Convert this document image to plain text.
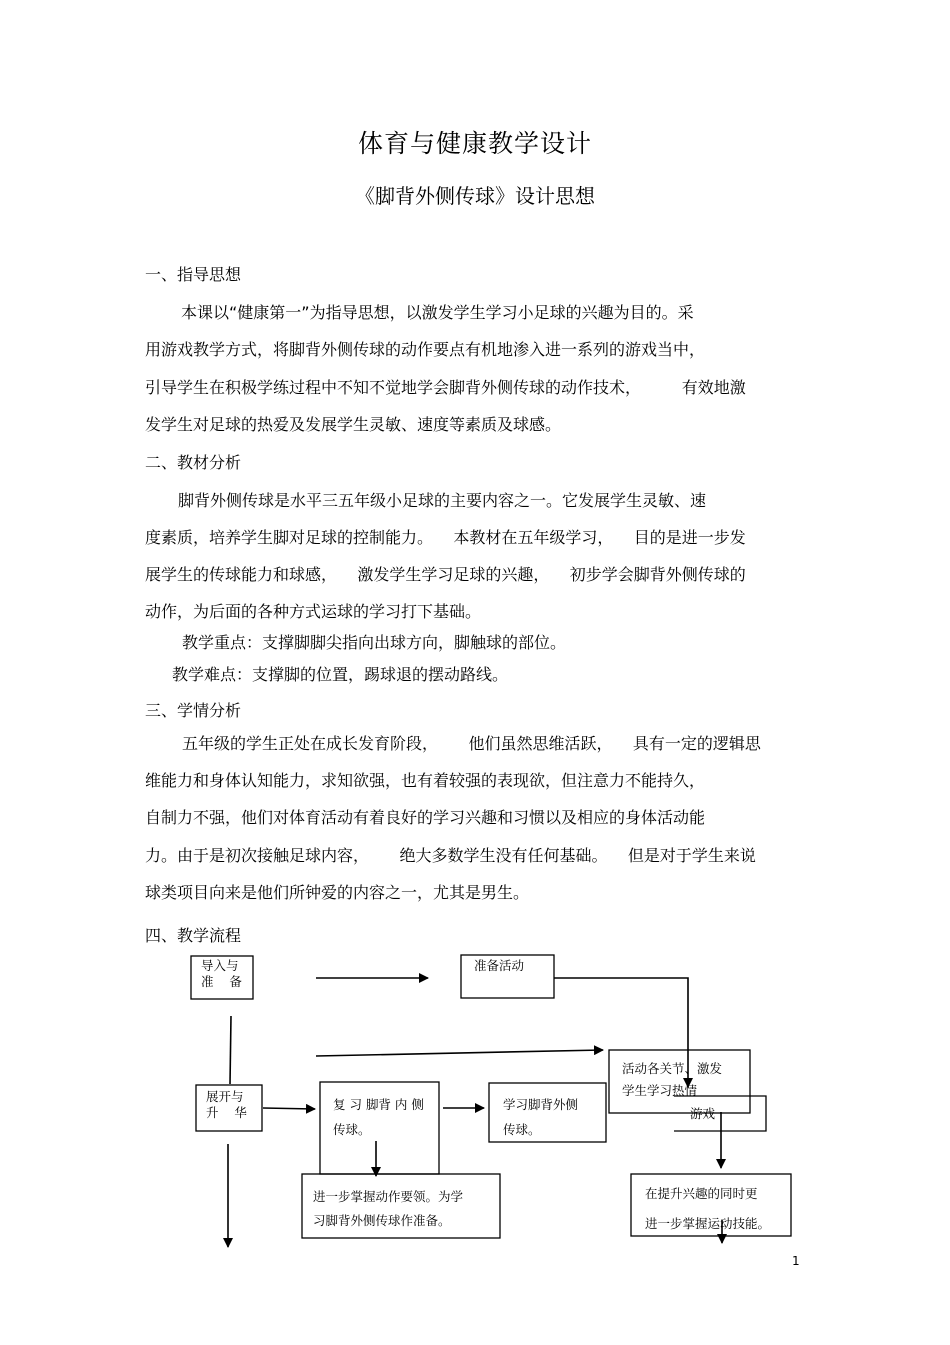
体育与健康教学设计
《脚背外侧传球》设计思想
一、指导思想
本课以“健康第一”为指导思想，以激发学生学习小足球的兴趣为目的。采
用游戏教学方式，将脚背外侧传球的动作要点有机地渗入进一系列的游戏当中，
引导学生在积极学练过程中不知不觉地学会脚背外侧传球的动作技术，        有效地激
发学生对足球的热爱及发展学生灵敏、速度等素质及球感。
二、教材分析
脚背外侧传球是水平三五年级小足球的主要内容之一。它发展学生灵敏、速
度素质，培养学生脚对足球的控制能力。    本教材在五年级学习，    目的是进一步发
展学生的传球能力和球感，    激发学生学习足球的兴趣，    初步学会脚背外侧传球的
动作，为后面的各种方式运球的学习打下基础。
教学重点：支撑脚脚尖指向出球方向，脚触球的部位。
教学难点：支撑脚的位置，踢球退的摆动路线。
三、学情分析
五年级的学生正处在成长发育阶段，      他们虽然思维活跃，    具有一定的逻辑思
维能力和身体认知能力，求知欲强，也有着较强的表现欲，但注意力不能持久，
自制力不强，他们对体育活动有着良好的学习兴趣和习惯以及相应的身体活动能
力。由于是初次接触足球内容，      绝大多数学生没有任何基础。    但是对于学生来说
球类项目向来是他们所钟爱的内容之一，尤其是男生。
四、教学流程
导入与
准    备
准备活动
活动各关节、激发
学生学习热情
游戏
展开与
升    华
复 习 脚背 内 侧
传球。
学习脚背外侧
传球。
进一步掌握动作要领。为学
习脚背外侧传球作准备。
在提升兴趣的同时更
进一步掌握运动技能。
1
